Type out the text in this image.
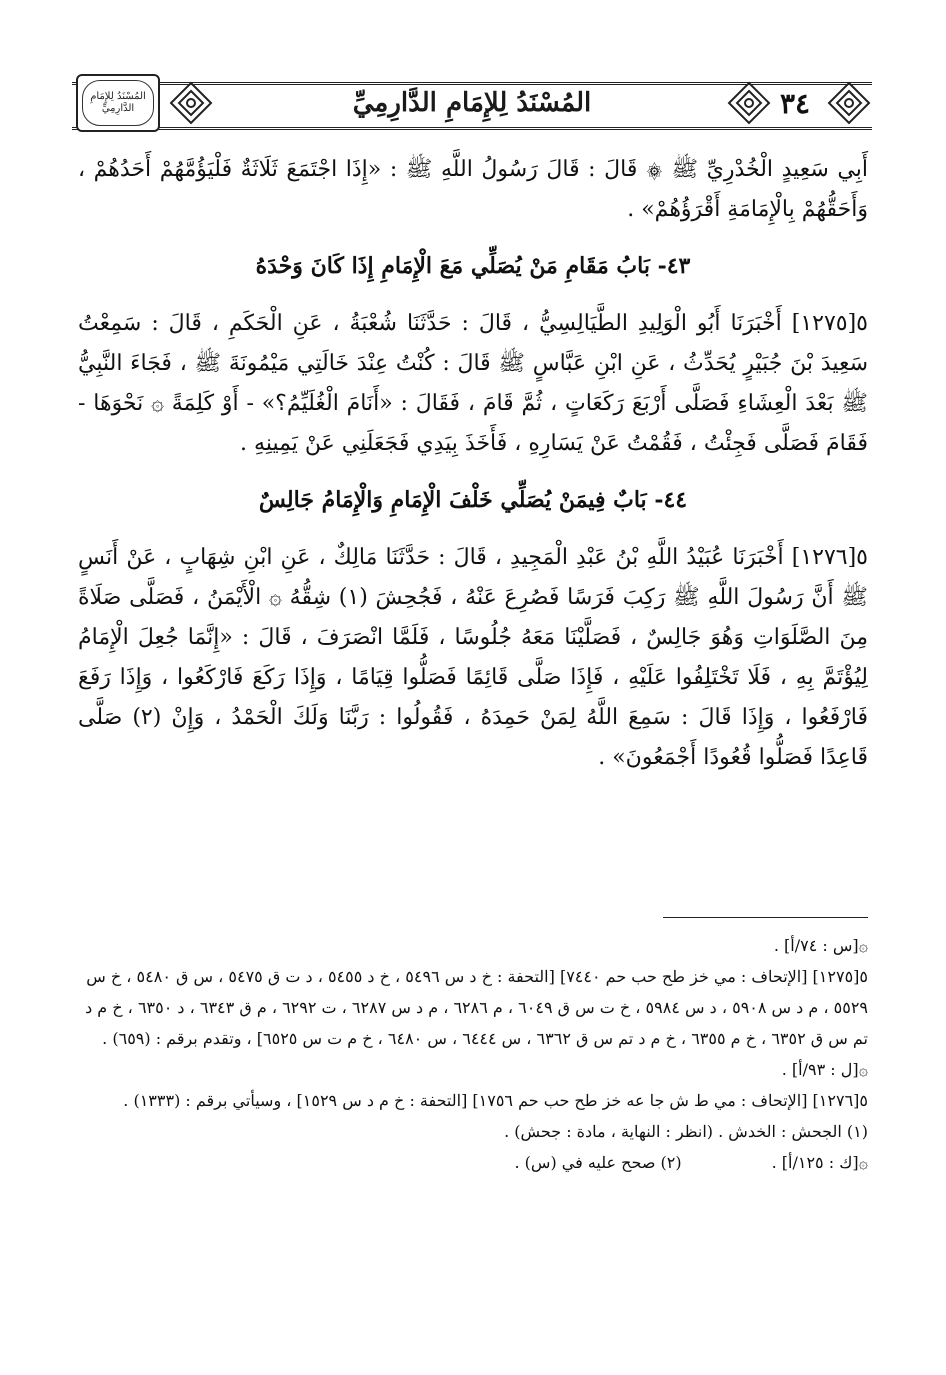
٣٤
المُسْنَدُ لِلإِمَامِ الدَّارِمِيِّ
المُسْنَدُ لِلإِمَامِ الدَّارِمِيِّ

أَبِي سَعِيدٍ الْخُدْرِيِّ ﷺ ۞ قَالَ : قَالَ رَسُولُ اللَّهِ ﷺ : «إِذَا اجْتَمَعَ ثَلَاثَةٌ فَلْيَؤُمَّهُمْ أَحَدُهُمْ ، وَأَحَقُّهُمْ بِالْإِمَامَةِ أَقْرَؤُهُمْ» .

٤٣- بَابُ مَقَامِ مَنْ يُصَلِّي مَعَ الْإِمَامِ إِذَا كَانَ وَحْدَهُ

٥[١٢٧٥] أَخْبَرَنَا أَبُو الْوَلِيدِ الطَّيَالِسِيُّ ، قَالَ : حَدَّثَنَا شُعْبَةُ ، عَنِ الْحَكَمِ ، قَالَ : سَمِعْتُ سَعِيدَ بْنَ جُبَيْرٍ يُحَدِّثُ ، عَنِ ابْنِ عَبَّاسٍ ﷺ قَالَ : كُنْتُ عِنْدَ خَالَتِي مَيْمُونَةَ ﷺ ، فَجَاءَ النَّبِيُّ ﷺ بَعْدَ الْعِشَاءِ فَصَلَّى أَرْبَعَ رَكَعَاتٍ ، ثُمَّ قَامَ ، فَقَالَ : «أَنَامَ الْغُلَيِّمُ؟» - أَوْ كَلِمَةً ۞ نَحْوَهَا - فَقَامَ فَصَلَّى فَجِئْتُ ، فَقُمْتُ عَنْ يَسَارِهِ ، فَأَخَذَ بِيَدِي فَجَعَلَنِي عَنْ يَمِينِهِ .

٤٤- بَابٌ فِيمَنْ يُصَلِّي خَلْفَ الْإِمَامِ وَالْإِمَامُ جَالِسٌ

٥[١٢٧٦] أَخْبَرَنَا عُبَيْدُ اللَّهِ بْنُ عَبْدِ الْمَجِيدِ ، قَالَ : حَدَّثَنَا مَالِكٌ ، عَنِ ابْنِ شِهَابٍ ، عَنْ أَنَسٍ ﷺ أَنَّ رَسُولَ اللَّهِ ﷺ رَكِبَ فَرَسًا فَصُرِعَ عَنْهُ ، فَجُحِشَ (١) شِقُّهُ ۞ الْأَيْمَنُ ، فَصَلَّى صَلَاةً مِنَ الصَّلَوَاتِ وَهُوَ جَالِسٌ ، فَصَلَّيْنَا مَعَهُ جُلُوسًا ، فَلَمَّا انْصَرَفَ ، قَالَ : «إِنَّمَا جُعِلَ الْإِمَامُ لِيُؤْتَمَّ بِهِ ، فَلَا تَخْتَلِفُوا عَلَيْهِ ، فَإِذَا صَلَّى قَائِمًا فَصَلُّوا قِيَامًا ، وَإِذَا رَكَعَ فَارْكَعُوا ، وَإِذَا رَفَعَ فَارْفَعُوا ، وَإِذَا قَالَ : سَمِعَ اللَّهُ لِمَنْ حَمِدَهُ ، فَقُولُوا : رَبَّنَا وَلَكَ الْحَمْدُ ، وَإِنْ (٢) صَلَّى قَاعِدًا فَصَلُّوا قُعُودًا أَجْمَعُونَ» .

۞[س : ٧٤/أ] .
٥[١٢٧٥] [الإتحاف : مي خز طح حب حم ٧٤٤٠] [التحفة : خ د س ٥٤٩٦ ، خ د ٥٤٥٥ ، د ت ق ٥٤٧٥ ، س ق ٥٤٨٠ ، خ س ٥٥٢٩ ، م د س ٥٩٠٨ ، د س ٥٩٨٤ ، خ ت س ق ٦٠٤٩ ، م ٦٢٨٦ ، م د س ٦٢٨٧ ، ت ٦٢٩٢ ، م ق ٦٣٤٣ ، د ٦٣٥٠ ، خ م د تم س ق ٦٣٥٢ ، خ م ٦٣٥٥ ، خ م د تم س ق ٦٣٦٢ ، س ٦٤٤٤ ، س ٦٤٨٠ ، خ م ت س ٦٥٢٥] ، وتقدم برقم : (٦٥٩) .
۞[ل : ٩٣/أ] .
٥[١٢٧٦] [الإتحاف : مي ط ش جا عه خز طح حب حم ١٧٥٦] [التحفة : خ م د س ١٥٢٩] ، وسيأتي برقم : (١٣٣٣) .
(١) الجحش : الخدش . (انظر : النهاية ، مادة : جحش) .
۞[ك : ١٢٥/أ] .
(٢) صحح عليه في (س) .
